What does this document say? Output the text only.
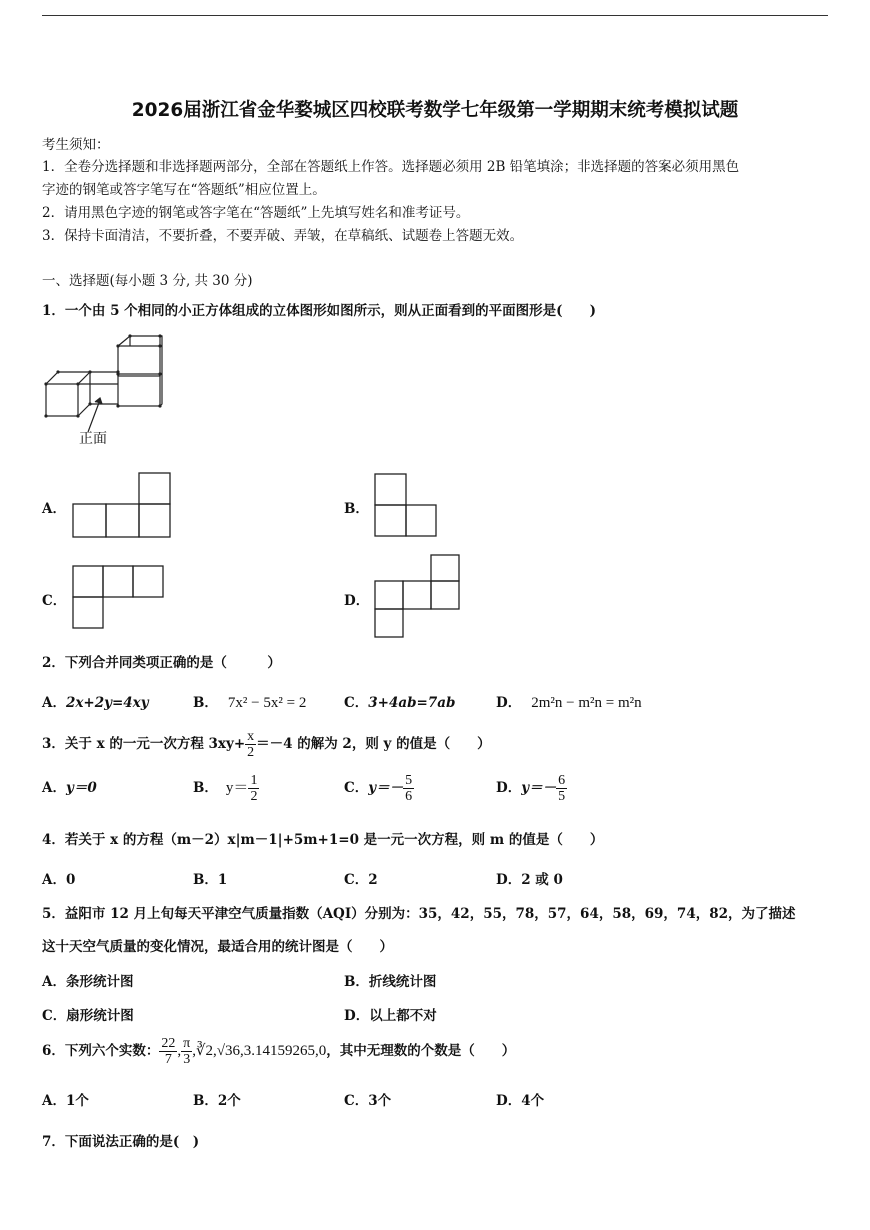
2026届浙江省金华婺城区四校联考数学七年级第一学期期末统考模拟试题
考生须知：
1．全卷分选择题和非选择题两部分，全部在答题纸上作答。选择题必须用 2B 铅笔填涂；非选择题的答案必须用黑色
字迹的钢笔或答字笔写在“答题纸”相应位置上。
2．请用黑色字迹的钢笔或答字笔在“答题纸”上先填写姓名和准考证号。
3．保持卡面清洁，不要折叠，不要弄破、弄皱，在草稿纸、试题卷上答题无效。
一、选择题(每小题 3 分, 共 30 分)
1．一个由 5 个相同的小正方体组成的立体图形如图所示，则从正面看到的平面图形是(　　)
正面
A．	B．
C．	D．
2．下列合并同类项正确的是（　　　）
A．2x+2y=4xy	B． 7x² − 5x² = 2	C．3+4ab=7ab	D． 2m²n − m²n = m²n
3．关于 x 的一元一次方程 $3xy+ \frac{x}{2} =-4$ 的解为 2，则 y 的值是（　　）
A．y＝0	B． $y= \frac{1}{2}$	C．$y=- \frac{5}{6}$	D．$y=- \frac{6}{5}$
4．若关于 x 的方程（m－2）x|m－1|+5m+1=0 是一元一次方程，则 m 的值是（　　）
A．0	B．1	C．2	D．2 或 0
5．益阳市 12 月上旬每天平津空气质量指数（AQI）分别为：35，42，55，78，57，64，58，69，74，82，为了描述
这十天空气质量的变化情况，最适合用的统计图是（　　）
A．条形统计图	B．折线统计图
C．扇形统计图	D．以上都不对
6．下列六个实数： $\frac{22}{7}$ , $\frac{\pi}{3}$ ,∛2,√36,3.14159265,0，其中无理数的个数是（　　）
A．1个	B．2个	C．3个	D．4个
7．下面说法正确的是(　)
